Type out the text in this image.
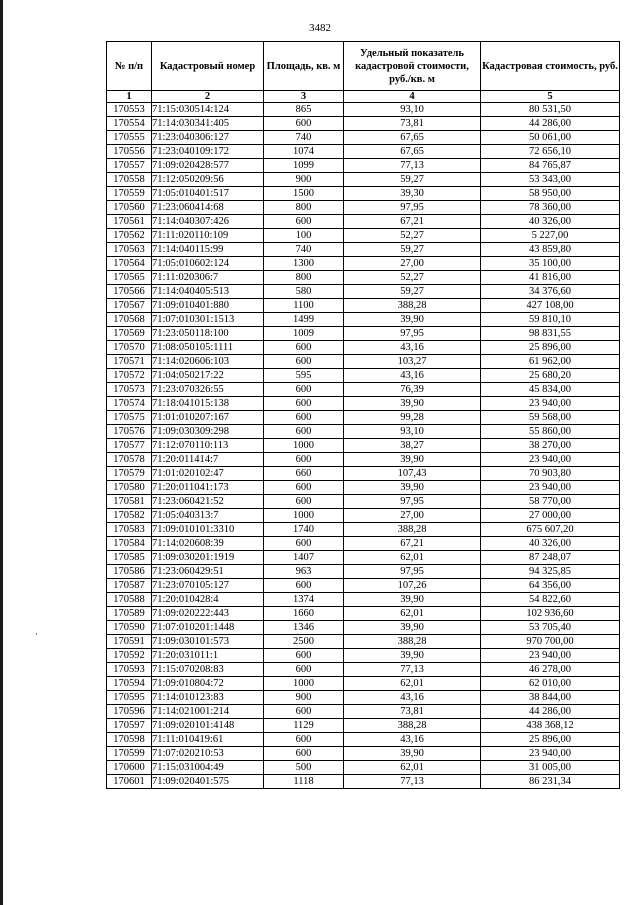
3482
№ п/п	Кадастровый номер	Площадь, кв. м	Удельный показатель кадастровой стоимости, руб./кв. м	Кадастровая стоимость, руб.
1	2	3	4	5
170553	71:15:030514:124	865	93,10	80 531,50
170554	71:14:030341:405	600	73,81	44 286,00
170555	71:23:040306:127	740	67,65	50 061,00
170556	71:23:040109:172	1074	67,65	72 656,10
170557	71:09:020428:577	1099	77,13	84 765,87
170558	71:12:050209:56	900	59,27	53 343,00
170559	71:05:010401:517	1500	39,30	58 950,00
170560	71:23:060414:68	800	97,95	78 360,00
170561	71:14:040307:426	600	67,21	40 326,00
170562	71:11:020110:109	100	52,27	5 227,00
170563	71:14:040115:99	740	59,27	43 859,80
170564	71:05:010602:124	1300	27,00	35 100,00
170565	71:11:020306:7	800	52,27	41 816,00
170566	71:14:040405:513	580	59,27	34 376,60
170567	71:09:010401:880	1100	388,28	427 108,00
170568	71:07:010301:1513	1499	39,90	59 810,10
170569	71:23:050118:100	1009	97,95	98 831,55
170570	71:08:050105:1111	600	43,16	25 896,00
170571	71:14:020606:103	600	103,27	61 962,00
170572	71:04:050217:22	595	43,16	25 680,20
170573	71:23:070326:55	600	76,39	45 834,00
170574	71:18:041015:138	600	39,90	23 940,00
170575	71:01:010207:167	600	99,28	59 568,00
170576	71:09:030309:298	600	93,10	55 860,00
170577	71:12:070110:113	1000	38,27	38 270,00
170578	71:20:011414:7	600	39,90	23 940,00
170579	71:01:020102:47	660	107,43	70 903,80
170580	71:20:011041:173	600	39,90	23 940,00
170581	71:23:060421:52	600	97,95	58 770,00
170582	71:05:040313:7	1000	27,00	27 000,00
170583	71:09:010101:3310	1740	388,28	675 607,20
170584	71:14:020608:39	600	67,21	40 326,00
170585	71:09:030201:1919	1407	62,01	87 248,07
170586	71:23:060429:51	963	97,95	94 325,85
170587	71:23:070105:127	600	107,26	64 356,00
170588	71:20:010428:4	1374	39,90	54 822,60
170589	71:09:020222:443	1660	62,01	102 936,60
170590	71:07:010201:1448	1346	39,90	53 705,40
170591	71:09:030101:573	2500	388,28	970 700,00
170592	71:20:031011:1	600	39,90	23 940,00
170593	71:15:070208:83	600	77,13	46 278,00
170594	71:09:010804:72	1000	62,01	62 010,00
170595	71:14:010123:83	900	43,16	38 844,00
170596	71:14:021001:214	600	73,81	44 286,00
170597	71:09:020101:4148	1129	388,28	438 368,12
170598	71:11:010419:61	600	43,16	25 896,00
170599	71:07:020210:53	600	39,90	23 940,00
170600	71:15:031004:49	500	62,01	31 005,00
170601	71:09:020401:575	1118	77,13	86 231,34
